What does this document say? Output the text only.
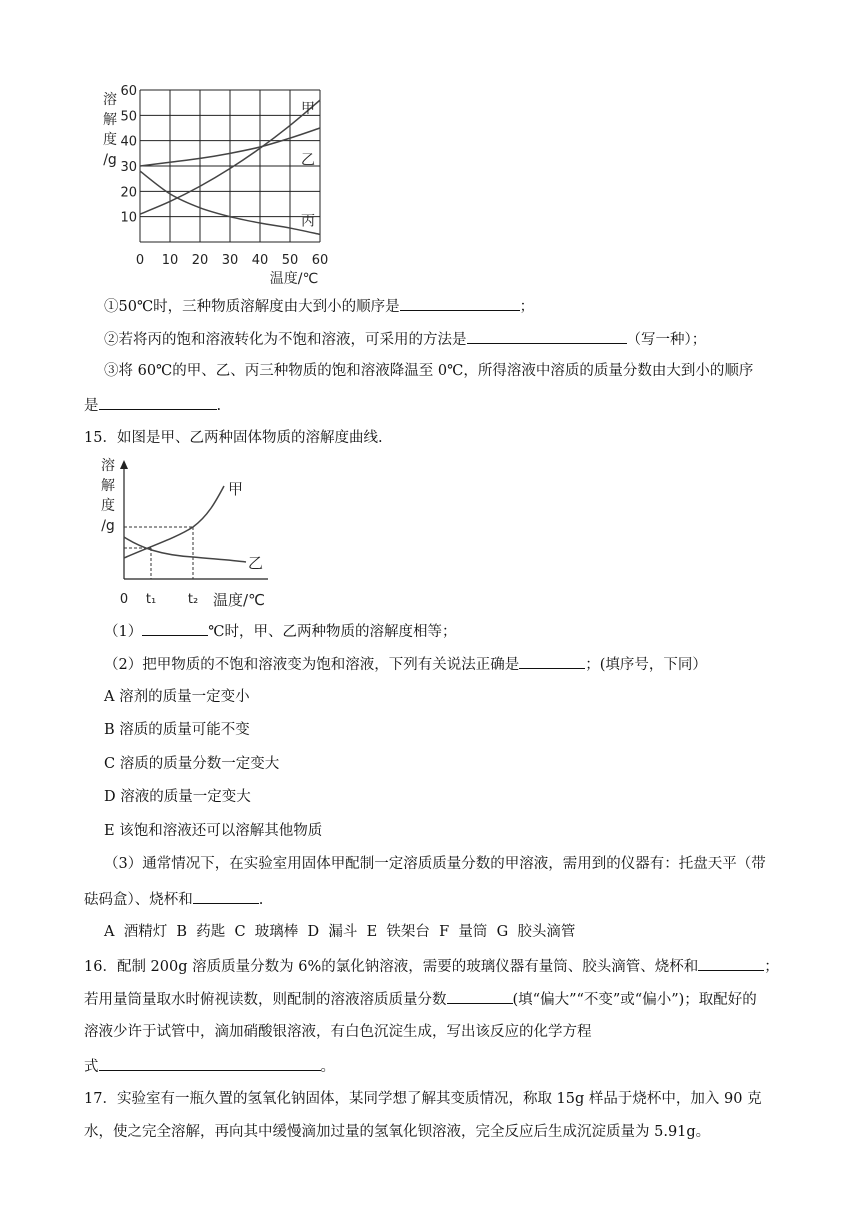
0 10 20 30 40 50 60
10
20
30
40
50
60
溶
解
度
/g
温度/℃
甲
乙
丙
①50℃时，三种物质溶解度由大到小的顺序是	；
②若将丙的饱和溶液转化为不饱和溶液，可采用的方法是	（写一种）；
③将 60℃的甲、乙、丙三种物质的饱和溶液降温至 0℃，所得溶液中溶质的质量分数由大到小的顺序
是	.
15．如图是甲、乙两种固体物质的溶解度曲线.
甲
乙
溶
解
度
/g
0 t₁ t₂ 温度/℃
（1）	℃时，甲、乙两种物质的溶解度相等；
（2）把甲物质的不饱和溶液变为饱和溶液，下列有关说法正确是	；(填序号，下同）
A 溶剂的质量一定变小
B 溶质的质量可能不变
C 溶质的质量分数一定变大
D 溶液的质量一定变大
E 该饱和溶液还可以溶解其他物质
（3）通常情况下，在实验室用固体甲配制一定溶质质量分数的甲溶液，需用到的仪器有：托盘天平（带
砝码盒）、烧杯和	.
A  酒精灯  B  药匙  C  玻璃棒  D  漏斗  E  铁架台  F  量筒  G  胶头滴管
16．配制 200g 溶质质量分数为 6%的氯化钠溶液，需要的玻璃仪器有量筒、胶头滴管、烧杯和	；
若用量筒量取水时俯视读数，则配制的溶液溶质质量分数	(填“偏大”“不变”或“偏小”)；取配好的
溶液少许于试管中，滴加硝酸银溶液，有白色沉淀生成，写出该反应的化学方程
式	。
17．实验室有一瓶久置的氢氧化钠固体，某同学想了解其变质情况，称取 15g 样品于烧杯中，加入 90 克
水，使之完全溶解，再向其中缓慢滴加过量的氢氧化钡溶液，完全反应后生成沉淀质量为 5.91g。
